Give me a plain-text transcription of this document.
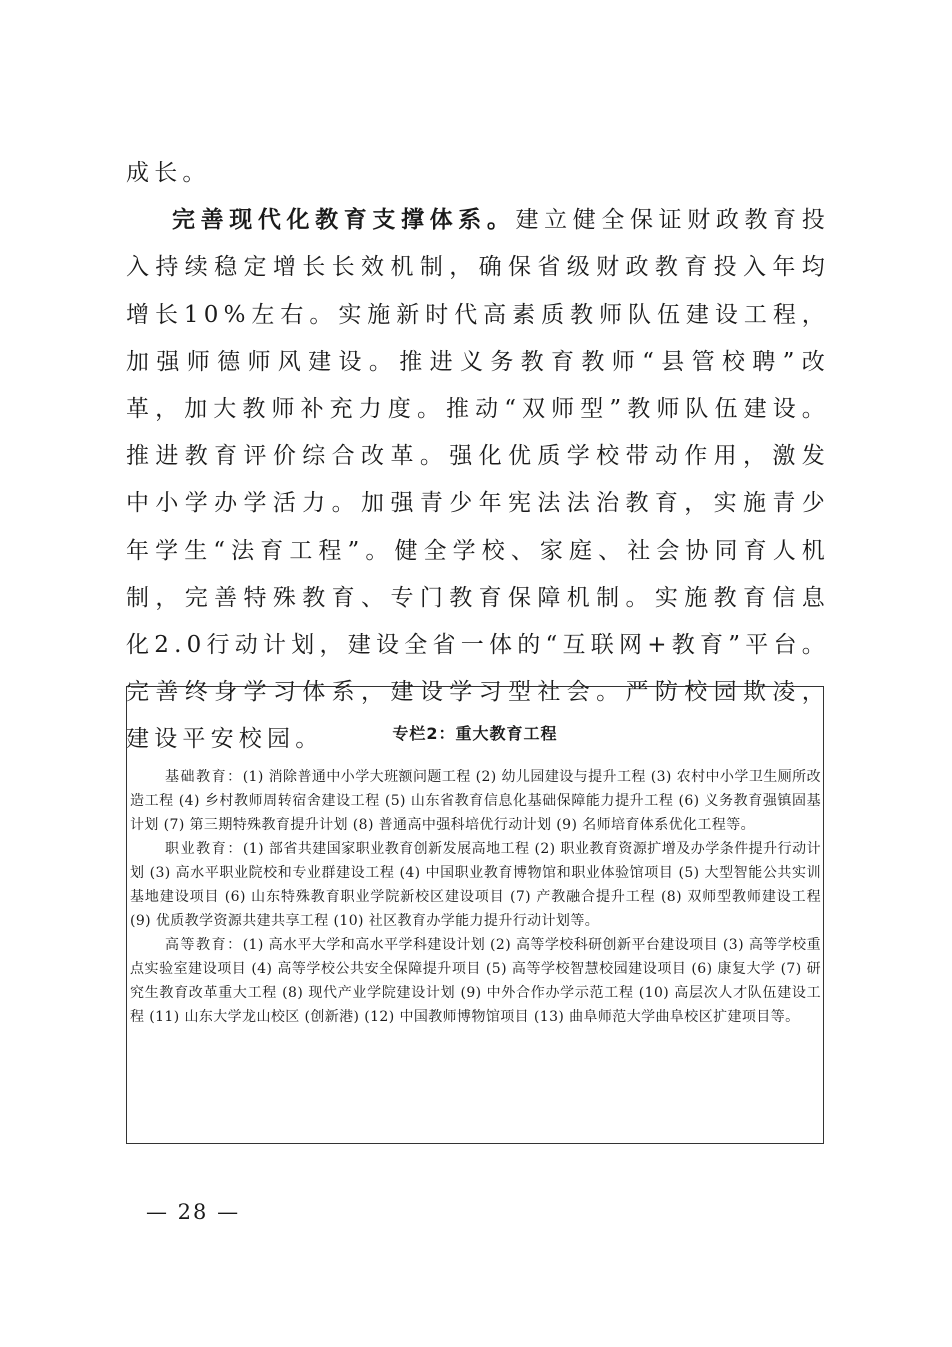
成长。

完善现代化教育支撑体系。建立健全保证财政教育投入持续稳定增长长效机制，确保省级财政教育投入年均增长10%左右。实施新时代高素质教师队伍建设工程，加强师德师风建设。推进义务教育教师“县管校聘”改革，加大教师补充力度。推动“双师型”教师队伍建设。推进教育评价综合改革。强化优质学校带动作用，激发中小学办学活力。加强青少年宪法法治教育，实施青少年学生“法育工程”。健全学校、家庭、社会协同育人机制，完善特殊教育、专门教育保障机制。实施教育信息化2.0行动计划，建设全省一体的“互联网+教育”平台。完善终身学习体系，建设学习型社会。严防校园欺凌，建设平安校园。	专栏2：重大教育工程

基础教育：(1) 消除普通中小学大班额问题工程 (2) 幼儿园建设与提升工程 (3) 农村中小学卫生厕所改造工程 (4) 乡村教师周转宿舍建设工程 (5) 山东省教育信息化基础保障能力提升工程 (6) 义务教育强镇固基计划 (7) 第三期特殊教育提升计划 (8) 普通高中强科培优行动计划 (9) 名师培育体系优化工程等。

职业教育：(1) 部省共建国家职业教育创新发展高地工程 (2) 职业教育资源扩增及办学条件提升行动计划 (3) 高水平职业院校和专业群建设工程 (4) 中国职业教育博物馆和职业体验馆项目 (5) 大型智能公共实训基地建设项目 (6) 山东特殊教育职业学院新校区建设项目 (7) 产教融合提升工程 (8) 双师型教师建设工程 (9) 优质教学资源共建共享工程 (10) 社区教育办学能力提升行动计划等。

高等教育：(1) 高水平大学和高水平学科建设计划 (2) 高等学校科研创新平台建设项目 (3) 高等学校重点实验室建设项目 (4) 高等学校公共安全保障提升项目 (5) 高等学校智慧校园建设项目 (6) 康复大学 (7) 研究生教育改革重大工程 (8) 现代产业学院建设计划 (9) 中外合作办学示范工程 (10) 高层次人才队伍建设工程 (11) 山东大学龙山校区 (创新港) (12) 中国教师博物馆项目 (13) 曲阜师范大学曲阜校区扩建项目等。

— 28 —
